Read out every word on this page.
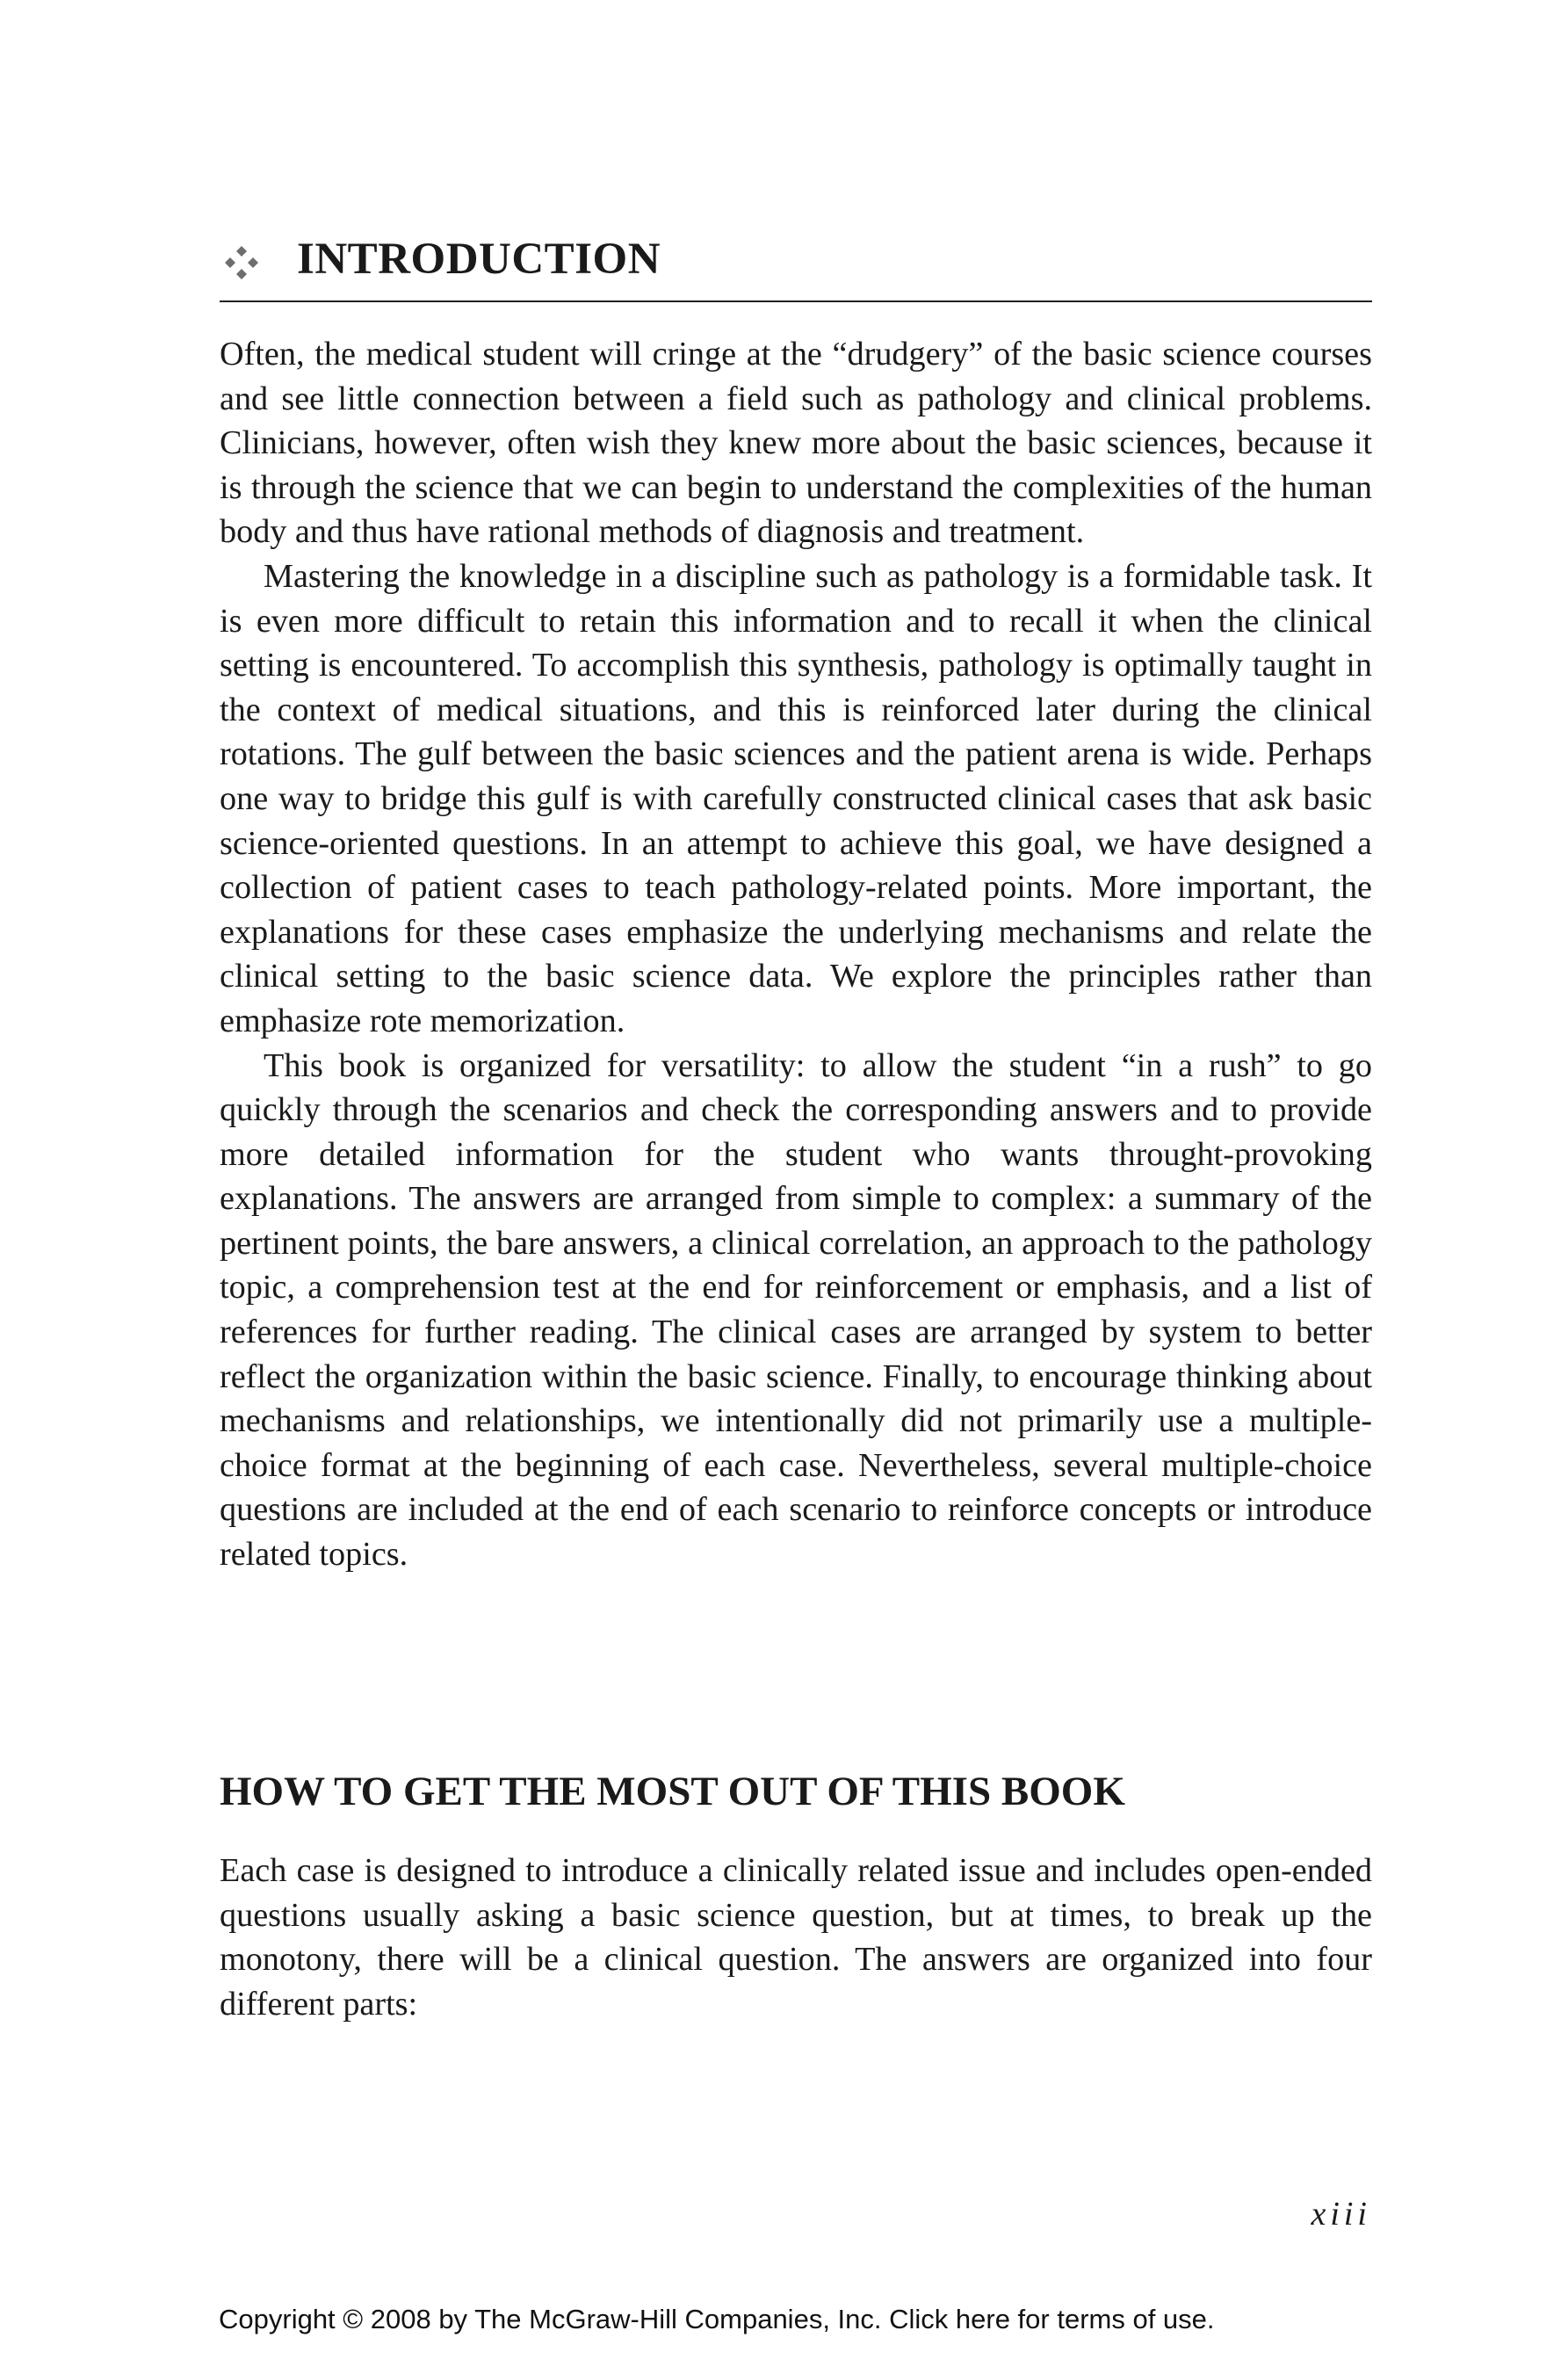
INTRODUCTION

Often, the medical student will cringe at the “drudgery” of the basic science courses and see little connection between a field such as pathology and clinical problems. Clinicians, however, often wish they knew more about the basic sciences, because it is through the science that we can begin to understand the complexities of the human body and thus have rational methods of diagnosis and treatment.

Mastering the knowledge in a discipline such as pathology is a formidable task. It is even more difficult to retain this information and to recall it when the clinical setting is encountered. To accomplish this synthesis, pathology is optimally taught in the context of medical situations, and this is reinforced later during the clinical rotations. The gulf between the basic sciences and the patient arena is wide. Perhaps one way to bridge this gulf is with carefully constructed clinical cases that ask basic science-oriented questions. In an attempt to achieve this goal, we have designed a collection of patient cases to teach pathology-related points. More important, the explanations for these cases emphasize the underlying mechanisms and relate the clinical setting to the basic science data. We explore the principles rather than emphasize rote memorization.

This book is organized for versatility: to allow the student “in a rush” to go quickly through the scenarios and check the corresponding answers and to provide more detailed information for the student who wants throught-provoking explanations. The answers are arranged from simple to complex: a summary of the pertinent points, the bare answers, a clinical correlation, an approach to the pathology topic, a comprehension test at the end for reinforcement or emphasis, and a list of references for further reading. The clinical cases are arranged by system to better reflect the organization within the basic science. Finally, to encourage thinking about mechanisms and relationships, we intentionally did not primarily use a multiple-choice format at the beginning of each case. Nevertheless, several multiple-choice questions are included at the end of each scenario to reinforce concepts or introduce related topics.

HOW TO GET THE MOST OUT OF THIS BOOK

Each case is designed to introduce a clinically related issue and includes open-ended questions usually asking a basic science question, but at times, to break up the monotony, there will be a clinical question. The answers are organized into four different parts:

xiii
Copyright © 2008 by The McGraw-Hill Companies, Inc. Click here for terms of use.
